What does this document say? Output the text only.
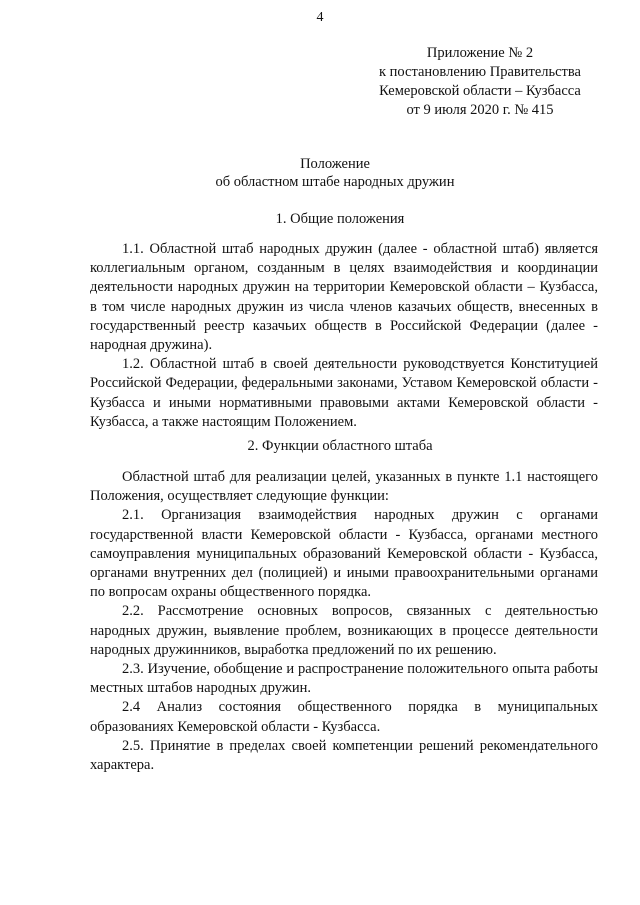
4
Приложение № 2
к постановлению Правительства
Кемеровской области – Кузбасса
от 9 июля 2020 г. № 415
Положение
об областном штабе народных дружин
1. Общие положения

1.1. Областной штаб народных дружин (далее - областной штаб) является коллегиальным органом, созданным в целях взаимодействия и координации деятельности народных дружин на территории Кемеровской области – Кузбасса, в том числе народных дружин из числа членов казачьих обществ, внесенных в государственный реестр казачьих обществ в Российской Федерации (далее - народная дружина).

1.2. Областной штаб в своей деятельности руководствуется Конституцией Российской Федерации, федеральными законами, Уставом Кемеровской области - Кузбасса и иными нормативными правовыми актами Кемеровской области - Кузбасса, а также настоящим Положением.

2. Функции областного штаба

Областной штаб для реализации целей, указанных в пункте 1.1 настоящего Положения, осуществляет следующие функции:

2.1. Организация взаимодействия народных дружин с органами государственной власти Кемеровской области - Кузбасса, органами местного самоуправления муниципальных образований Кемеровской области - Кузбасса, органами внутренних дел (полицией) и иными правоохранительными органами по вопросам охраны общественного порядка.

2.2. Рассмотрение основных вопросов, связанных с деятельностью народных дружин, выявление проблем, возникающих в процессе деятельности народных дружинников, выработка предложений по их решению.

2.3. Изучение, обобщение и распространение положительного опыта работы местных штабов народных дружин.

2.4 Анализ состояния общественного порядка в муниципальных образованиях Кемеровской области - Кузбасса.

2.5. Принятие в пределах своей компетенции решений рекомендательного характера.
